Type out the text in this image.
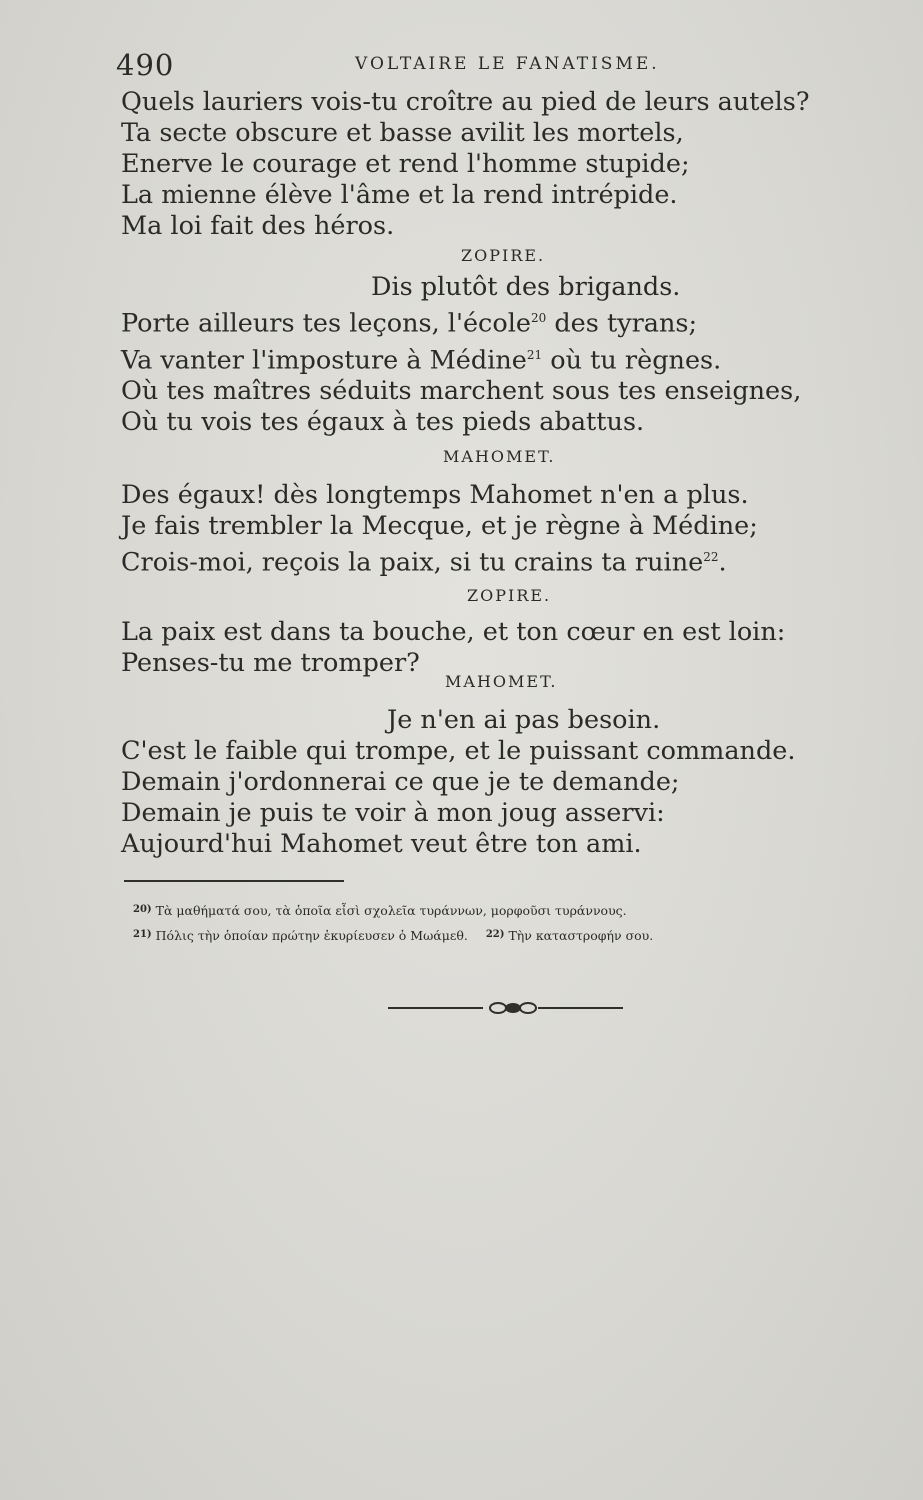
490	VOLTAIRE LE FANATISME.
Quels lauriers vois-tu croître au pied de leurs autels?
Ta secte obscure et basse avilit les mortels,
Enerve le courage et rend l'homme stupide;
La mienne élève l'âme et la rend intrépide.
Ma loi fait des héros.
ZOPIRE.
Dis plutôt des brigands.
Porte ailleurs tes leçons, l'école$^{20}$ des tyrans;
Va vanter l'imposture à Médine$^{21}$ où tu règnes.
Où tes maîtres séduits marchent sous tes enseignes,
Où tu vois tes égaux à tes pieds abattus.
MAHOMET.
Des égaux! dès longtemps Mahomet n'en a plus.
Je fais trembler la Mecque, et je règne à Médine;
Crois-moi, reçois la paix, si tu crains ta ruine$^{22}$.
ZOPIRE.
La paix est dans ta bouche, et ton cœur en est loin:
Penses-tu me tromper?
MAHOMET.
Je n'en ai pas besoin.
C'est le faible qui trompe, et le puissant commande.
Demain j'ordonnerai ce que je te demande;
Demain je puis te voir à mon joug asservi:
Aujourd'hui Mahomet veut être ton ami.
$^{20)}$ Τὰ μαθήματά σου, τὰ ὁποῖα εἶσὶ σχολεῖα τυράννων, μορφοῦσι τυράννους.
$^{21)}$ Πόλις τὴν ὁποίαν πρώτην ἐκυρίευσεν ὁ Μωάμεθ. $^{22)}$ Τὴν καταστροφήν σου.
